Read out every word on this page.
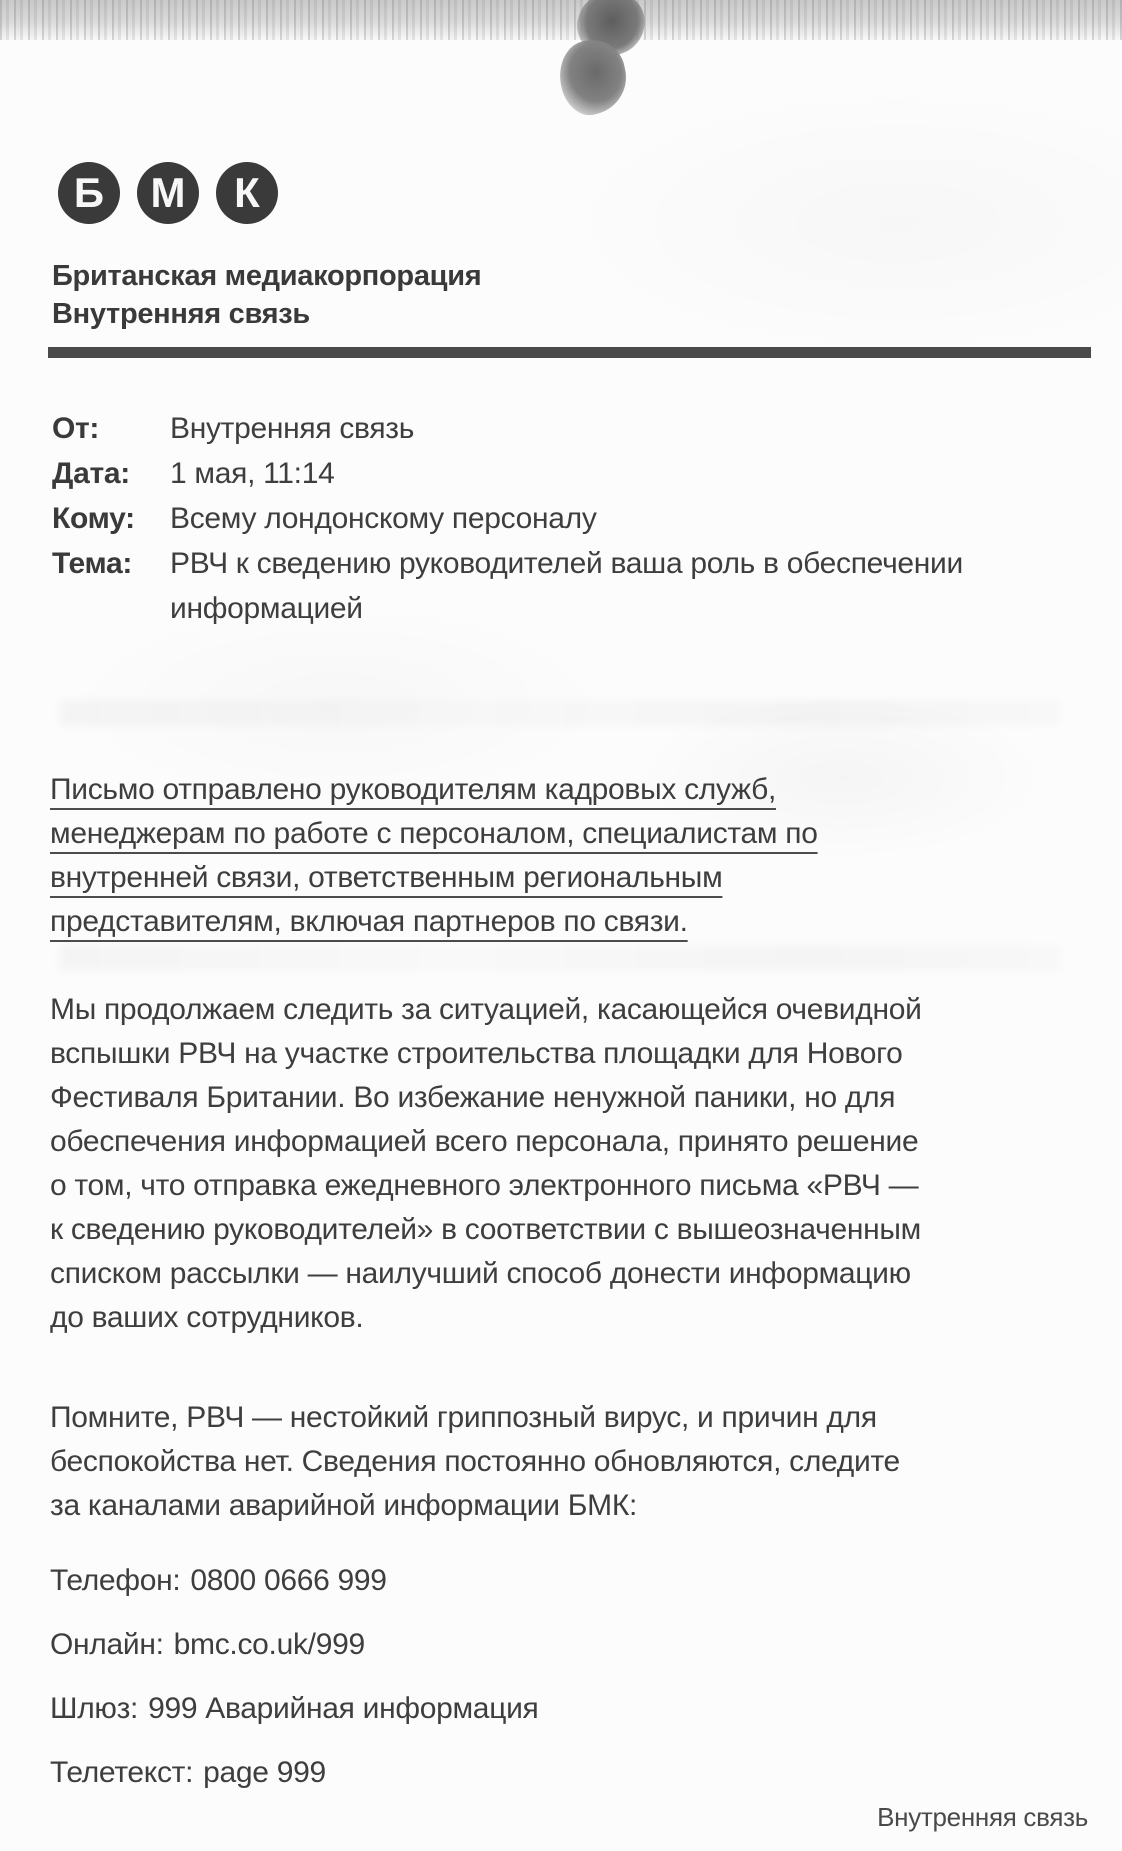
Б	М	К
Британская медиакорпорация
Внутренняя связь
От:	Внутренняя связь
Дата:	1 мая, 11:14
Кому:	Всему лондонскому персоналу
Тема:	РВЧ к сведению руководителей ваша роль в обеспечении информацией

Письмо отправлено руководителям кадровых служб, менеджерам по работе с персоналом, специалистам по внутренней связи, ответственным региональным представителям, включая партнеров по связи.

Мы продолжаем следить за ситуацией, касающейся очевидной вспышки РВЧ на участке строительства площадки для Нового Фестиваля Британии. Во избежание ненужной паники, но для обеспечения информацией всего персонала, принято решение о том, что отправка ежедневного электронного письма «РВЧ — к сведению руководителей» в соответствии с вышеозначенным списком рассылки — наилучший способ донести информацию до ваших сотрудников.

Помните, РВЧ — нестойкий гриппозный вирус, и причин для беспокойства нет. Сведения постоянно обновляются, следите за каналами аварийной информации БМК:

Телефон: 0800 0666 999
Онлайн: bmc.co.uk/999
Шлюз: 999 Аварийная информация
Телетекст: page 999
Внутренняя связь
